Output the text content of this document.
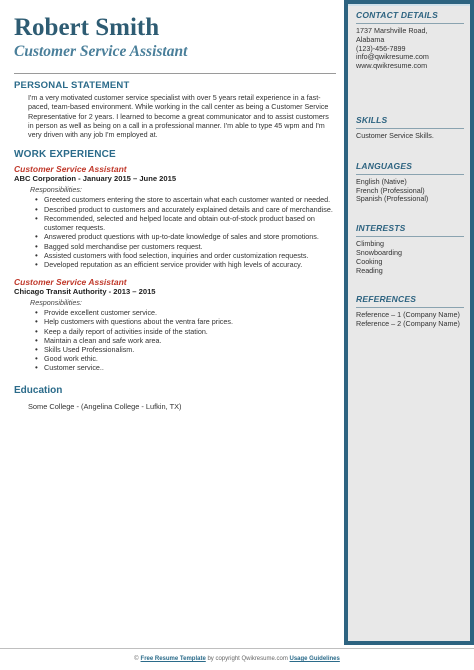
Robert Smith
Customer Service Assistant
PERSONAL STATEMENT
I'm a very motivated customer service specialist with over 5 years retail experience in a fast-paced, team-based environment. While working in the call center as being a Customer Service Representative for 2 years. I learned to become a great communicator and to assist customers in person as well as being on a call in a professional manner. I'm able to type 45 wpm and I'm very driven with any job I'm employed at.
WORK EXPERIENCE
Customer Service Assistant
ABC Corporation - January 2015 – June 2015
Responsibilities:
• Greeted customers entering the store to ascertain what each customer wanted or needed.
• Described product to customers and accurately explained details and care of merchandise.
• Recommended, selected and helped locate and obtain out-of-stock product based on customer requests.
• Answered product questions with up-to-date knowledge of sales and store promotions.
• Bagged sold merchandise per customers request.
• Assisted customers with food selection, inquiries and order customization requests.
• Developed reputation as an efficient service provider with high levels of accuracy.
Customer Service Assistant
Chicago Transit Authority - 2013 – 2015
Responsibilities:
• Provide excellent customer service.
• Help customers with questions about the ventra fare prices.
• Keep a daily report of activities inside of the station.
• Maintain a clean and safe work area.
• Skills Used Professionalism.
• Good work ethic.
• Customer service..
Education
Some College - (Angelina College - Lufkin, TX)
CONTACT DETAILS
1737 Marshville Road,
Alabama
(123)-456-7899
info@qwikresume.com
www.qwikresume.com
SKILLS
Customer Service Skills.
LANGUAGES
English (Native)
French (Professional)
Spanish (Professional)
INTERESTS
Climbing
Snowboarding
Cooking
Reading
REFERENCES
Reference – 1 (Company Name)
Reference – 2 (Company Name)
© Free Resume Template by copyright Qwikresume.com Usage Guidelines
